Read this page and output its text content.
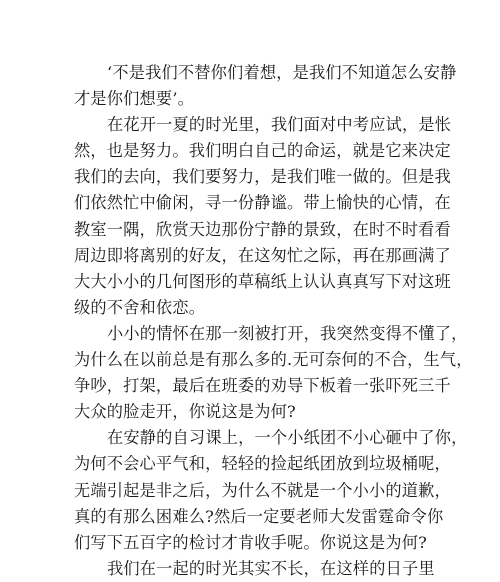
‘不是我们不替你们着想，是我们不知道怎么安静
才是你们想要’。
在花开一夏的时光里，我们面对中考应试，是怅
然，也是努力。我们明白自己的命运，就是它来决定
我们的去向，我们要努力，是我们唯一做的。但是我
们依然忙中偷闲，寻一份静谧。带上愉快的心情，在
教室一隅，欣赏天边那份宁静的景致，在时不时看看
周边即将离别的好友，在这匆忙之际，再在那画满了
大大小小的几何图形的草稿纸上认认真真写下对这班
级的不舍和依恋。
小小的情怀在那一刻被打开，我突然变得不懂了，
为什么在以前总是有那么多的.无可奈何的不合，生气，
争吵，打架，最后在班委的劝导下板着一张吓死三千
大众的脸走开，你说这是为何?
在安静的自习课上，一个小纸团不小心砸中了你，
为何不会心平气和，轻轻的捡起纸团放到垃圾桶呢，
无端引起是非之后，为什么不就是一个小小的道歉，
真的有那么困难么?然后一定要老师大发雷霆命令你
们写下五百字的检讨才肯收手呢。你说这是为何?
我们在一起的时光其实不长，在这样的日子里
